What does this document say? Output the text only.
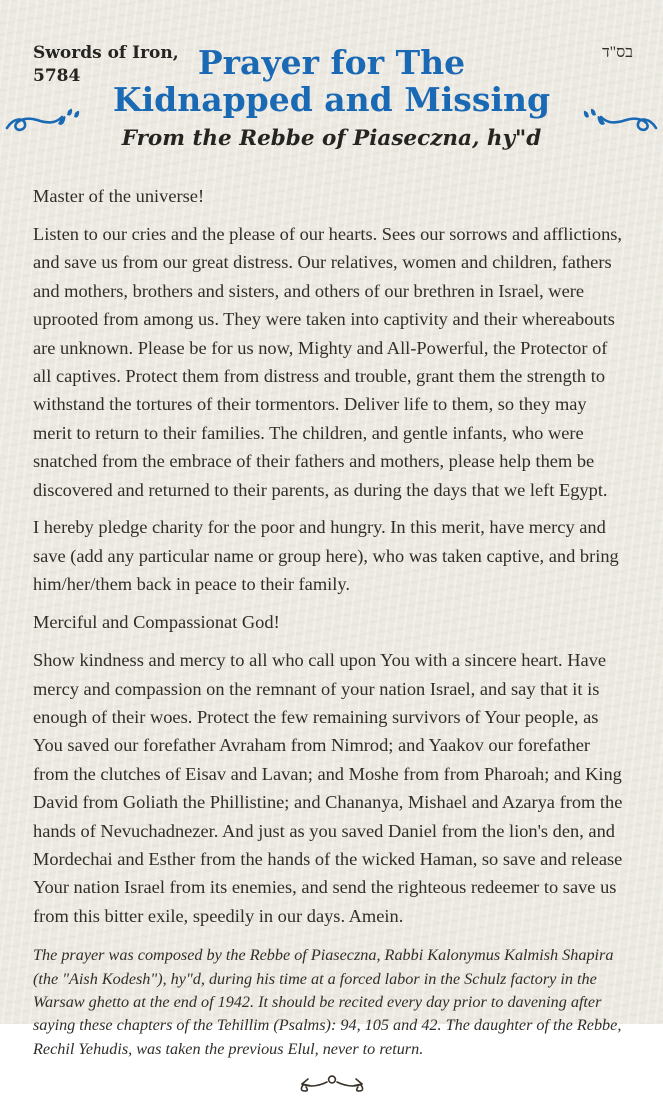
Swords of Iron,
5784
בס"ד
Prayer for The
Kidnapped and Missing
From the Rebbe of Piaseczna, hy"d

Master of the universe!

Listen to our cries and the please of our hearts. Sees our sorrows and afflictions, and save us from our great distress. Our relatives, women and children, fathers and mothers, brothers and sisters, and others of our brethren in Israel, were uprooted from among us. They were taken into captivity and their whereabouts are unknown. Please be for us now, Mighty and All-Powerful, the Protector of all captives. Protect them from distress and trouble, grant them the strength to withstand the tortures of their tormentors. Deliver life to them, so they may merit to return to their families. The children, and gentle infants, who were snatched from the embrace of their fathers and mothers, please help them be discovered and returned to their parents, as during the days that we left Egypt.

I hereby pledge charity for the poor and hungry. In this merit, have mercy and save (add any particular name or group here), who was taken captive, and bring him/her/them back in peace to their family.

Merciful and Compassionat God!

Show kindness and mercy to all who call upon You with a sincere heart. Have mercy and compassion on the remnant of your nation Israel, and say that it is enough of their woes. Protect the few remaining survivors of Your people, as You saved our forefather Avraham from Nimrod; and Yaakov our forefather from the clutches of Eisav and Lavan; and Moshe from from Pharoah; and King David from Goliath the Phillistine; and Chananya, Mishael and Azarya from the hands of Nevuchadnezer. And just as you saved Daniel from the lion's den, and Mordechai and Esther from the hands of the wicked Haman, so save and release Your nation Israel from its enemies, and send the righteous redeemer to save us from this bitter exile, speedily in our days. Amein.

The prayer was composed by the Rebbe of Piaseczna, Rabbi Kalonymus Kalmish Shapira (the "Aish Kodesh"), hy"d, during his time at a forced labor in the Schulz factory in the Warsaw ghetto at the end of 1942. It should be recited every day prior to davening after saying these chapters of the Tehillim (Psalms): 94, 105 and 42. The daughter of the Rebbe, Rechil Yehudis, was taken the previous Elul, never to return.
